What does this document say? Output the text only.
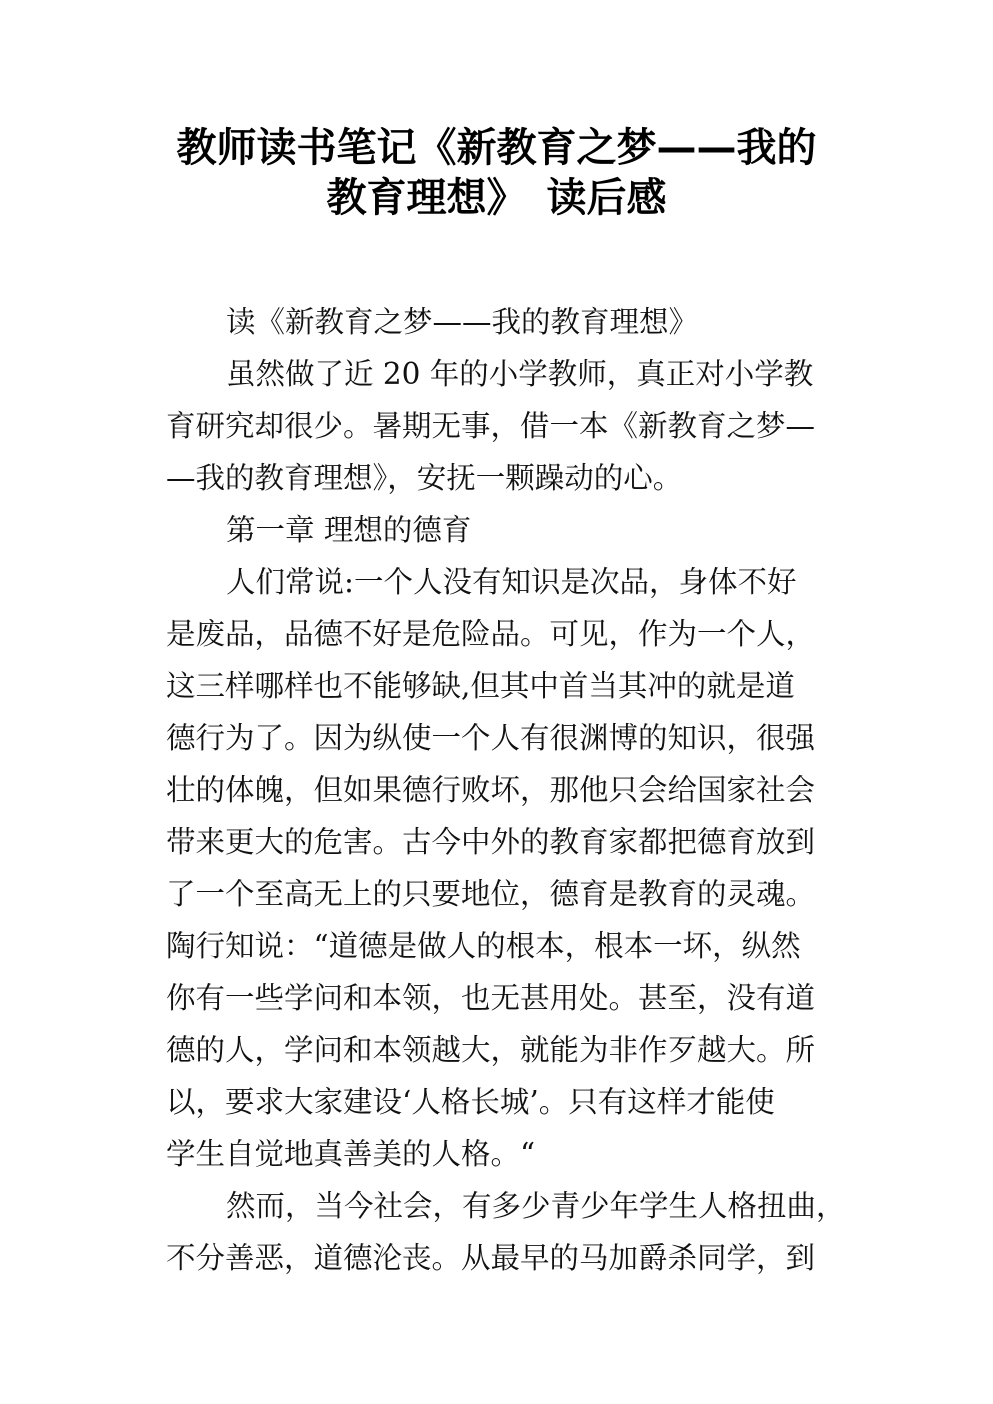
教师读书笔记《新教育之梦——我的
教育理想》　读后感
读《新教育之梦——我的教育理想》
虽然做了近 20 年的小学教师，真正对小学教
育研究却很少。暑期无事，借一本《新教育之梦—
—我的教育理想》，安抚一颗躁动的心。
第一章 理想的德育
人们常说:一个人没有知识是次品，身体不好
是废品，品德不好是危险品。可见，作为一个人，
这三样哪样也不能够缺,但其中首当其冲的就是道
德行为了。因为纵使一个人有很渊博的知识，很强
壮的体魄，但如果德行败坏，那他只会给国家社会
带来更大的危害。古今中外的教育家都把德育放到
了一个至高无上的只要地位，德育是教育的灵魂。
陶行知说：“道德是做人的根本，根本一坏，纵然
你有一些学问和本领，也无甚用处。甚至，没有道
德的人，学问和本领越大，就能为非作歹越大。所
以，要求大家建设‘人格长城’。只有这样才能使
学生自觉地真善美的人格。“
然而，当今社会，有多少青少年学生人格扭曲，
不分善恶，道德沦丧。从最早的马加爵杀同学，到
